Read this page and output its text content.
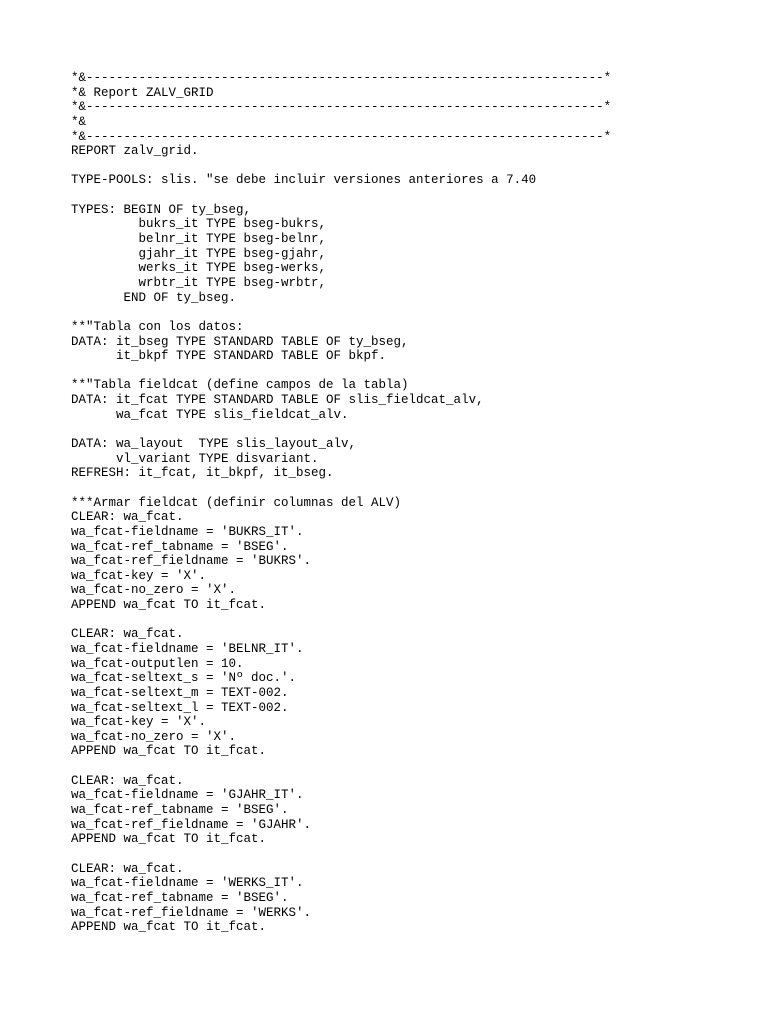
*&---------------------------------------------------------------------*
*& Report ZALV_GRID
*&---------------------------------------------------------------------*
*&
*&---------------------------------------------------------------------*
REPORT zalv_grid.
TYPE-POOLS: slis. "se debe incluir versiones anteriores a 7.40
TYPES: BEGIN OF ty_bseg,
bukrs_it TYPE bseg-bukrs,
belnr_it TYPE bseg-belnr,
gjahr_it TYPE bseg-gjahr,
werks_it TYPE bseg-werks,
wrbtr_it TYPE bseg-wrbtr,
END OF ty_bseg.
**"Tabla con los datos:
DATA: it_bseg TYPE STANDARD TABLE OF ty_bseg,
it_bkpf TYPE STANDARD TABLE OF bkpf.
**"Tabla fieldcat (define campos de la tabla)
DATA: it_fcat TYPE STANDARD TABLE OF slis_fieldcat_alv,
wa_fcat TYPE slis_fieldcat_alv.
DATA: wa_layout  TYPE slis_layout_alv,
vl_variant TYPE disvariant.
REFRESH: it_fcat, it_bkpf, it_bseg.
***Armar fieldcat (definir columnas del ALV)
CLEAR: wa_fcat.
wa_fcat-fieldname = 'BUKRS_IT'.
wa_fcat-ref_tabname = 'BSEG'.
wa_fcat-ref_fieldname = 'BUKRS'.
wa_fcat-key = 'X'.
wa_fcat-no_zero = 'X'.
APPEND wa_fcat TO it_fcat.
CLEAR: wa_fcat.
wa_fcat-fieldname = 'BELNR_IT'.
wa_fcat-outputlen = 10.
wa_fcat-seltext_s = 'Nº doc.'.
wa_fcat-seltext_m = TEXT-002.
wa_fcat-seltext_l = TEXT-002.
wa_fcat-key = 'X'.
wa_fcat-no_zero = 'X'.
APPEND wa_fcat TO it_fcat.
CLEAR: wa_fcat.
wa_fcat-fieldname = 'GJAHR_IT'.
wa_fcat-ref_tabname = 'BSEG'.
wa_fcat-ref_fieldname = 'GJAHR'.
APPEND wa_fcat TO it_fcat.
CLEAR: wa_fcat.
wa_fcat-fieldname = 'WERKS_IT'.
wa_fcat-ref_tabname = 'BSEG'.
wa_fcat-ref_fieldname = 'WERKS'.
APPEND wa_fcat TO it_fcat.
